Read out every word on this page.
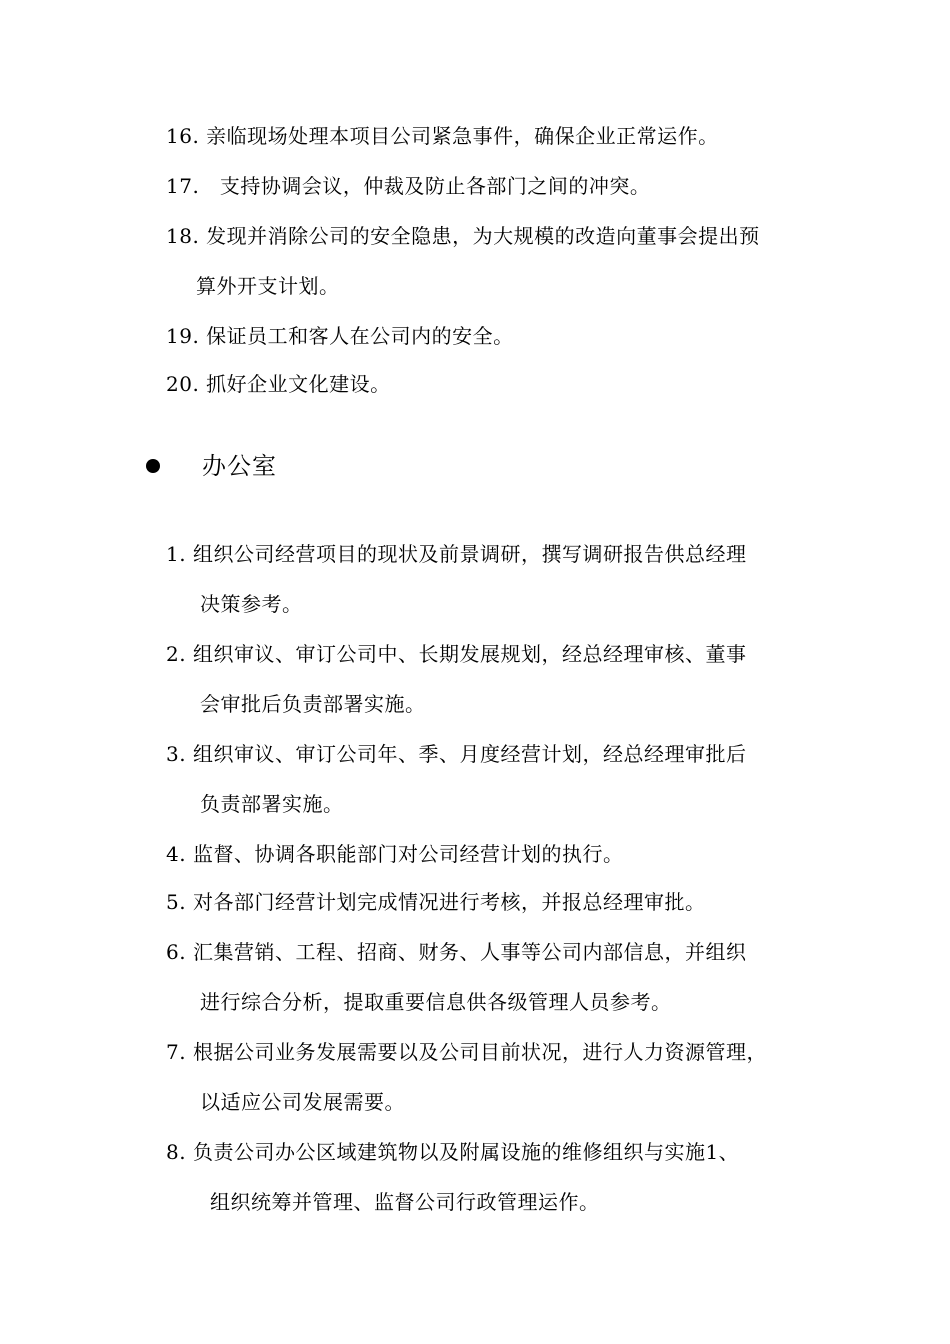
16. 亲临现场处理本项目公司紧急事件，确保企业正常运作。
17. 支持协调会议，仲裁及防止各部门之间的冲突。
18. 发现并消除公司的安全隐患，为大规模的改造向董事会提出预
算外开支计划。
19. 保证员工和客人在公司内的安全。
20. 抓好企业文化建设。
办公室
1. 组织公司经营项目的现状及前景调研，撰写调研报告供总经理
决策参考。
2. 组织审议、审订公司中、长期发展规划，经总经理审核、董事
会审批后负责部署实施。
3. 组织审议、审订公司年、季、月度经营计划，经总经理审批后
负责部署实施。
4. 监督、协调各职能部门对公司经营计划的执行。
5. 对各部门经营计划完成情况进行考核，并报总经理审批。
6. 汇集营销、工程、招商、财务、人事等公司内部信息，并组织
进行综合分析，提取重要信息供各级管理人员参考。
7. 根据公司业务发展需要以及公司目前状况，进行人力资源管理，
以适应公司发展需要。
8. 负责公司办公区域建筑物以及附属设施的维修组织与实施1、
组织统筹并管理、监督公司行政管理运作。
